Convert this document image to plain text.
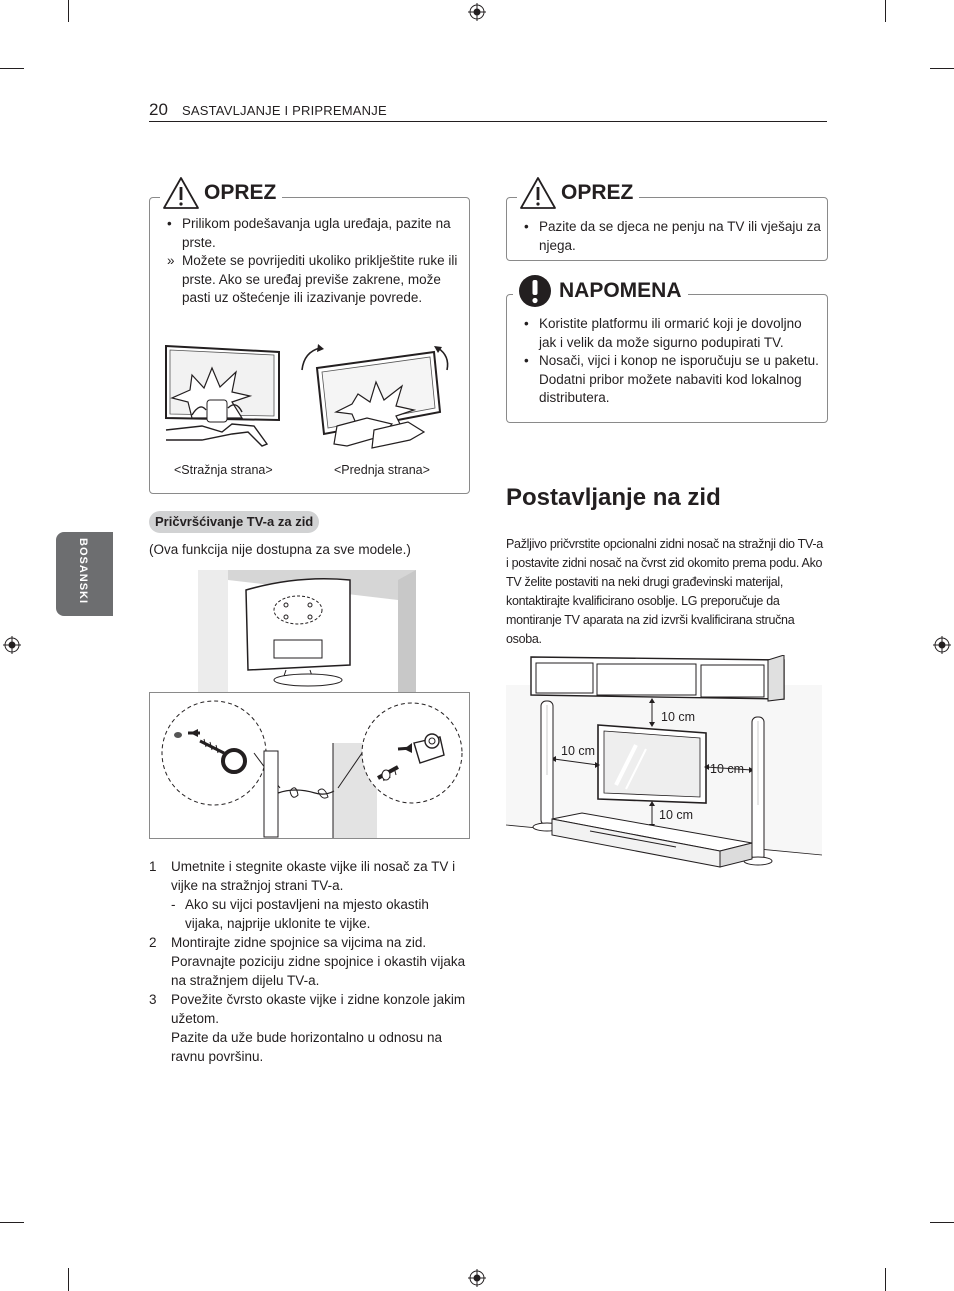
20 SASTAVLJANJE I PRIPREMANJE
BOSANSKI
• Prilikom podešavanja ugla uređaja, pazite na prste.
» Možete se povrijediti ukoliko priklještite ruke ili prste. Ako se uređaj previše zakrene, može pasti uz oštećenje ili izazivanje povrede.
<Stražnja strana>	<Prednja strana>
OPREZ
Pričvršćivanje TV-a za zid
(Ova funkcija nije dostupna za sve modele.)
1 Umetnite i stegnite okaste vijke ili nosač za TV i vijke na stražnjoj strani TV-a.
- Ako su vijci postavljeni na mjesto okastih vijaka, najprije uklonite te vijke.
2 Montirajte zidne spojnice sa vijcima na zid. Poravnajte poziciju zidne spojnice i okastih vijaka na stražnjem dijelu TV-a.
3 Povežite čvrsto okaste vijke i zidne konzole jakim užetom.
Pazite da uže bude horizontalno u odnosu na ravnu površinu.
• Pazite da se djeca ne penju na TV ili vješaju za njega.
OPREZ
• Koristite platformu ili ormarić koji je dovoljno jak i velik da može sigurno podupirati TV.
• Nosači, vijci i konop ne isporučuju se u paketu. Dodatni pribor možete nabaviti kod lokalnog distributera.
NAPOMENA
Postavljanje na zid
Pažljivo pričvrstite opcionalni zidni nosač na stražnji dio TV-a i postavite zidni nosač na čvrst zid okomito prema podu. Ako TV želite postaviti na neki drugi građevinski materijal, kontaktirajte kvalificirano osoblje. LG preporučuje da montiranje TV aparata na zid izvrši kvalificirana stručna osoba.
10 cm
10 cm
10 cm
10 cm
